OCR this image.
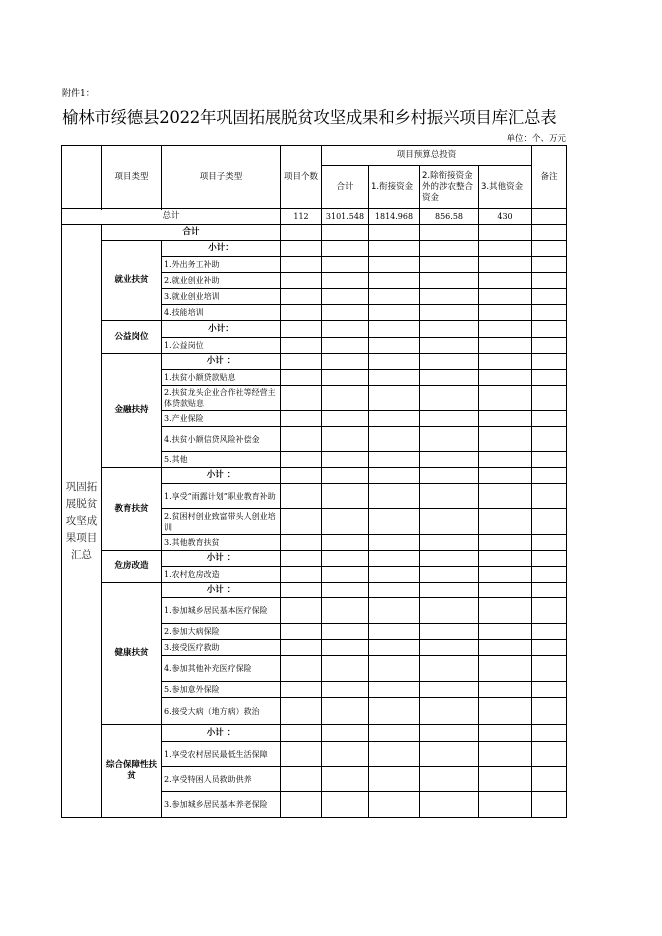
附件1：
榆林市绥德县2022年巩固拓展脱贫攻坚成果和乡村振兴项目库汇总表
单位：个、万元
	项目类型	项目子类型	项目个数	项目预算总投资				备注
				合计	1.衔接资金	2.除衔接资金外的涉农整合资金	3.其他资金	

总计			112	3101.548	1814.968	856.58	430	
巩固拓展脱贫攻坚成果项目汇总	合计							
	就业扶贫	小计：						
		1.外出务工补助						
		2.就业创业补助						
		3.就业创业培训						
		4.技能培训						
	公益岗位	小计：						
		1.公益岗位						
	金融扶持	小计 ：						
		1.扶贫小额贷款贴息						
		2.扶贫龙头企业合作社等经营主体贷款贴息						
		3.产业保险						
		4.扶贫小额信贷风险补偿金						
		5.其他						
	教育扶贫	小计 ：						
		1.享受“雨露计划”职业教育补助						
		2.贫困村创业致富带头人创业培训						
		3.其他教育扶贫						
	危房改造	小计 ：						
		1.农村危房改造						
	健康扶贫	小计 ：						
		1.参加城乡居民基本医疗保险						
		2.参加大病保险						
		3.接受医疗救助						
		4.参加其他补充医疗保险						
		5.参加意外保险						
		6.接受大病（地方病）救治						
	综合保障性扶贫	小计 ：						
		1.享受农村居民最低生活保障						
		2.享受特困人员救助供养						
		3.参加城乡居民基本养老保险						
